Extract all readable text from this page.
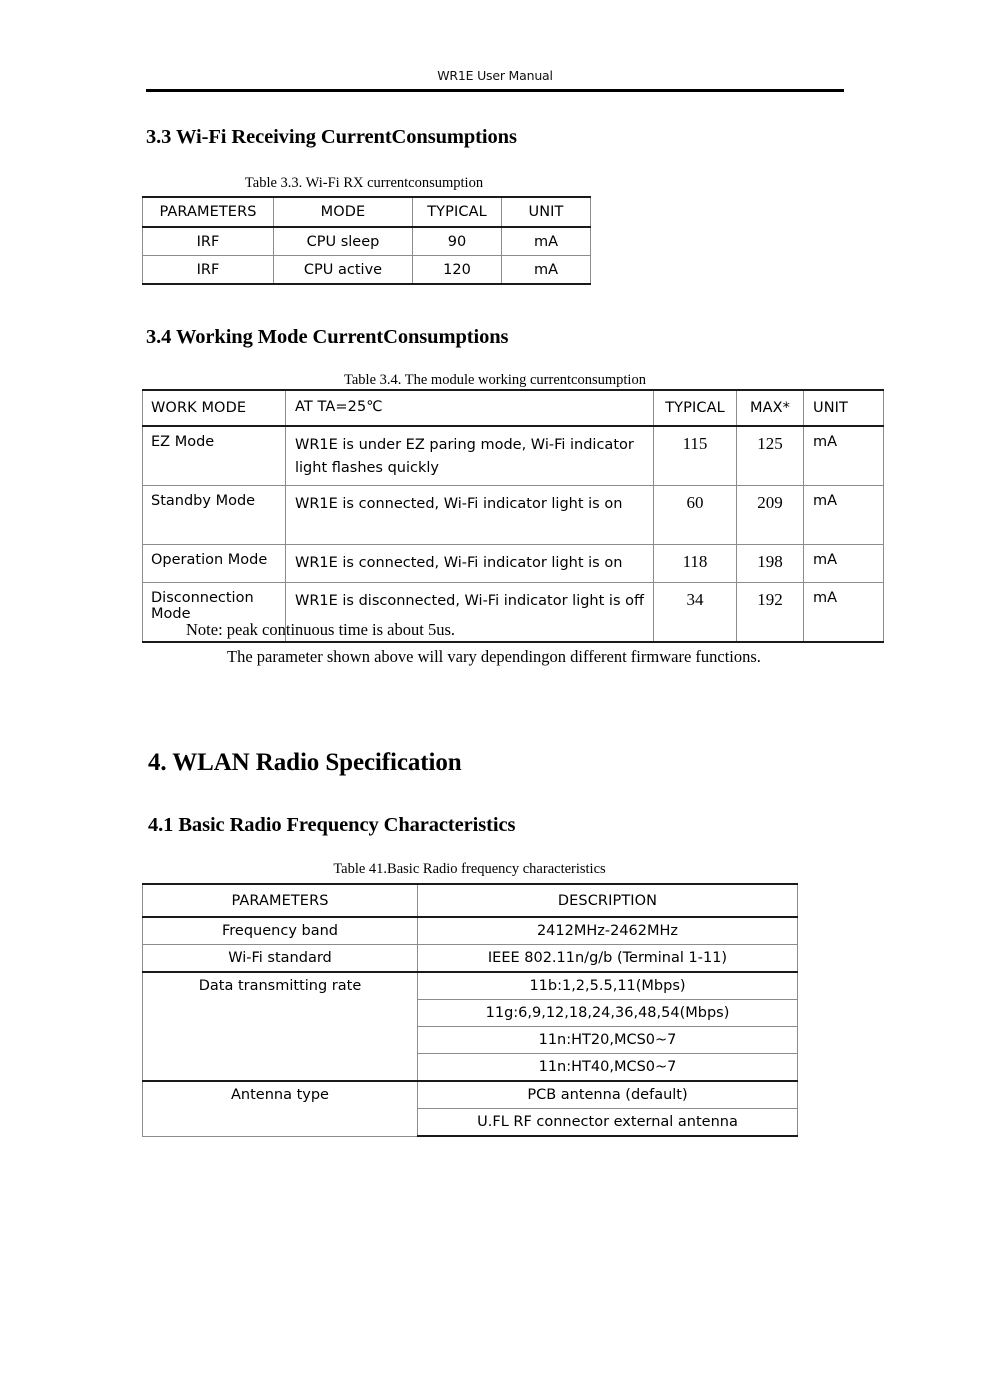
WR1E User Manual
3.3 Wi-Fi Receiving CurrentConsumptions
Table 3.3. Wi-Fi RX currentconsumption
PARAMETERS	MODE	TYPICAL	UNIT
IRF	CPU sleep	90	mA
IRF	CPU active	120	mA
3.4 Working Mode CurrentConsumptions
Table 3.4. The module working currentconsumption
WORK MODE	AT TA=25℃	TYPICAL	MAX*	UNIT
EZ Mode	WR1E is under EZ paring mode, Wi-Fi indicator light flashes quickly	115	125	mA
Standby Mode	WR1E is connected, Wi-Fi indicator light is on	60	209	mA
Operation Mode	WR1E is connected, Wi-Fi indicator light is on	118	198	mA
Disconnection Mode	WR1E is disconnected, Wi-Fi indicator light is off	34	192	mA
Note: peak continuous time is about 5us.
The parameter shown above will vary dependingon different firmware functions.
4. WLAN Radio Specification
4.1 Basic Radio Frequency Characteristics
Table 41.Basic Radio frequency characteristics
PARAMETERS	DESCRIPTION
Frequency band	2412MHz-2462MHz
Wi-Fi standard	IEEE 802.11n/g/b (Terminal 1-11)
Data transmitting rate	11b:1,2,5.5,11(Mbps)
	11g:6,9,12,18,24,36,48,54(Mbps)
	11n:HT20,MCS0~7
	11n:HT40,MCS0~7
Antenna type	PCB antenna (default)
	U.FL RF connector external antenna
